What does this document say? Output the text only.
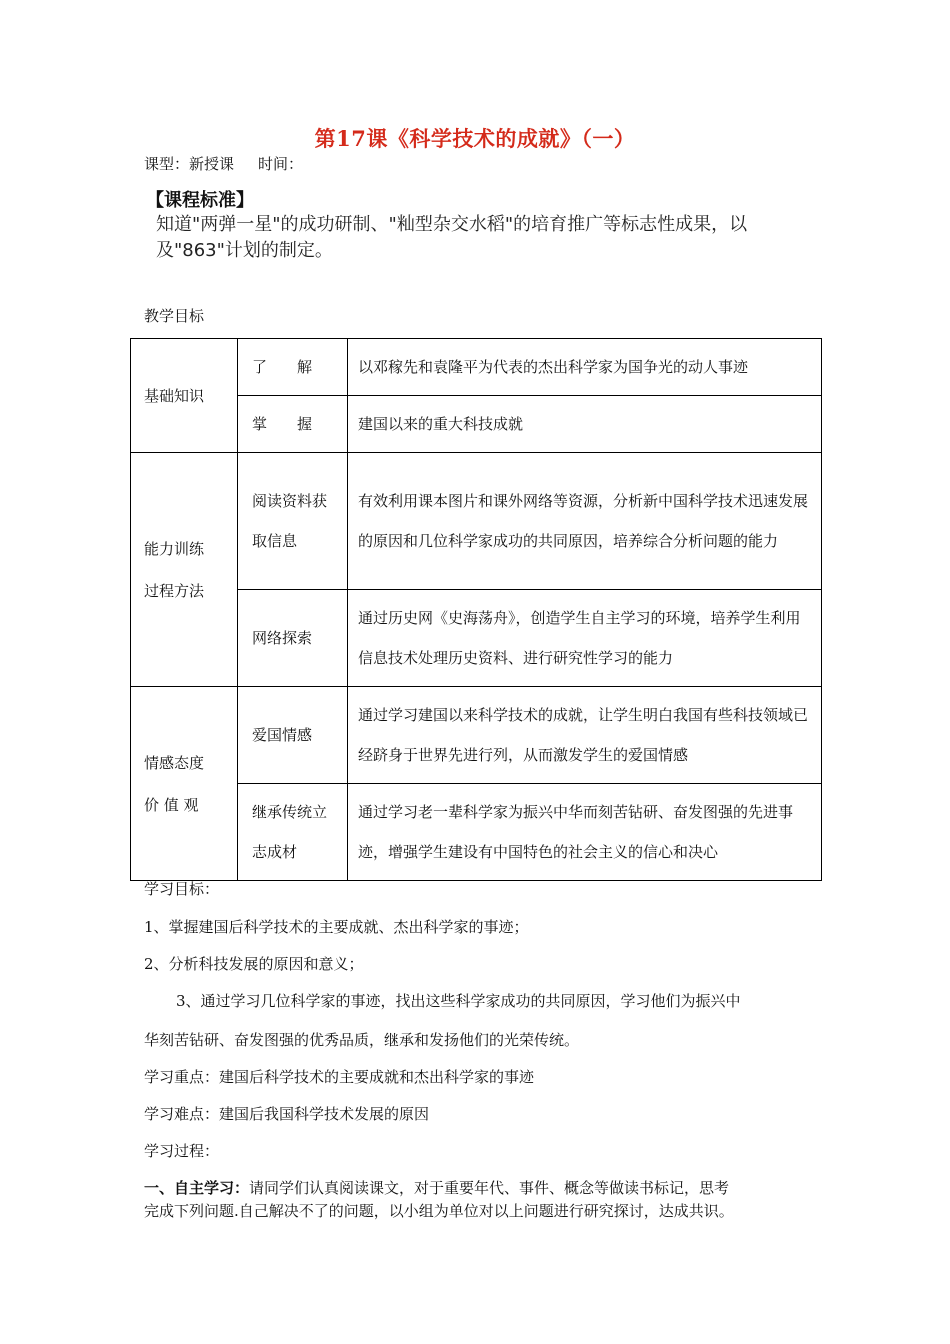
第17课《科学技术的成就》（一）
课型：新授课 时间：
【课程标准】
知道"两弹一星"的成功研制、"籼型杂交水稻"的培育推广等标志性成果，以及"863"计划的制定。
教学目标
基础知识	了　　解	以邓稼先和袁隆平为代表的杰出科学家为国争光的动人事迹
	掌　　握	建国以来的重大科技成就
能力训练过程方法	阅读资料获取信息	有效利用课本图片和课外网络等资源，分析新中国科学技术迅速发展的原因和几位科学家成功的共同原因，培养综合分析问题的能力
	网络探索	通过历史网《史海荡舟》，创造学生自主学习的环境，培养学生利用信息技术处理历史资料、进行研究性学习的能力
情感态度价 值 观	爱国情感	通过学习建国以来科学技术的成就，让学生明白我国有些科技领域已经跻身于世界先进行列，从而激发学生的爱国情感
	继承传统立志成材	通过学习老一辈科学家为振兴中华而刻苦钻研、奋发图强的先进事迹，增强学生建设有中国特色的社会主义的信心和决心
学习目标：
1、掌握建国后科学技术的主要成就、杰出科学家的事迹；
2、分析科技发展的原因和意义；
3、通过学习几位科学家的事迹，找出这些科学家成功的共同原因，学习他们为振兴中
华刻苦钻研、奋发图强的优秀品质，继承和发扬他们的光荣传统。
学习重点：建国后科学技术的主要成就和杰出科学家的事迹
学习难点：建国后我国科学技术发展的原因
学习过程：
一、自主学习：请同学们认真阅读课文，对于重要年代、事件、概念等做读书标记，思考
完成下列问题.自己解决不了的问题，以小组为单位对以上问题进行研究探讨，达成共识。
